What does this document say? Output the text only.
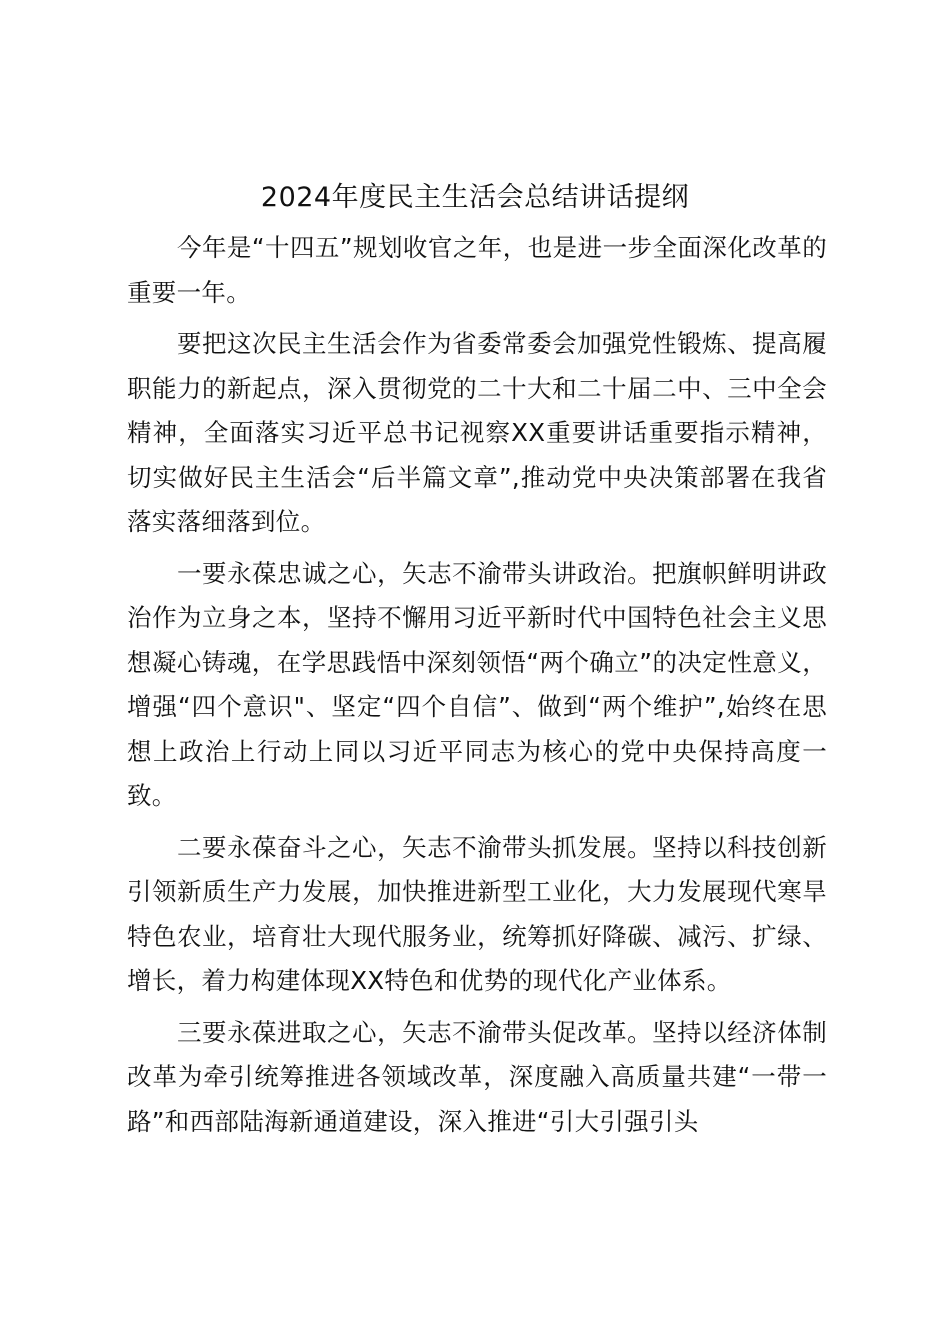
2024年度民主生活会总结讲话提纲

今年是“十四五”规划收官之年，也是进一步全面深化改革的重要一年。

要把这次民主生活会作为省委常委会加强党性锻炼、提高履职能力的新起点，深入贯彻党的二十大和二十届二中、三中全会精神，全面落实习近平总书记视察XX重要讲话重要指示精神，切实做好民主生活会“后半篇文章”,推动党中央决策部署在我省落实落细落到位。

一要永葆忠诚之心，矢志不渝带头讲政治。把旗帜鲜明讲政治作为立身之本，坚持不懈用习近平新时代中国特色社会主义思想凝心铸魂，在学思践悟中深刻领悟“两个确立”的决定性意义，增强“四个意识"、坚定“四个自信”、做到“两个维护”,始终在思想上政治上行动上同以习近平同志为核心的党中央保持高度一致。

二要永葆奋斗之心，矢志不渝带头抓发展。坚持以科技创新引领新质生产力发展，加快推进新型工业化，大力发展现代寒旱特色农业，培育壮大现代服务业，统筹抓好降碳、减污、扩绿、增长，着力构建体现XX特色和优势的现代化产业体系。

三要永葆进取之心，矢志不渝带头促改革。坚持以经济体制改革为牵引统筹推进各领域改革，深度融入高质量共建“一带一路”和西部陆海新通道建设，深入推进“引大引强引头
